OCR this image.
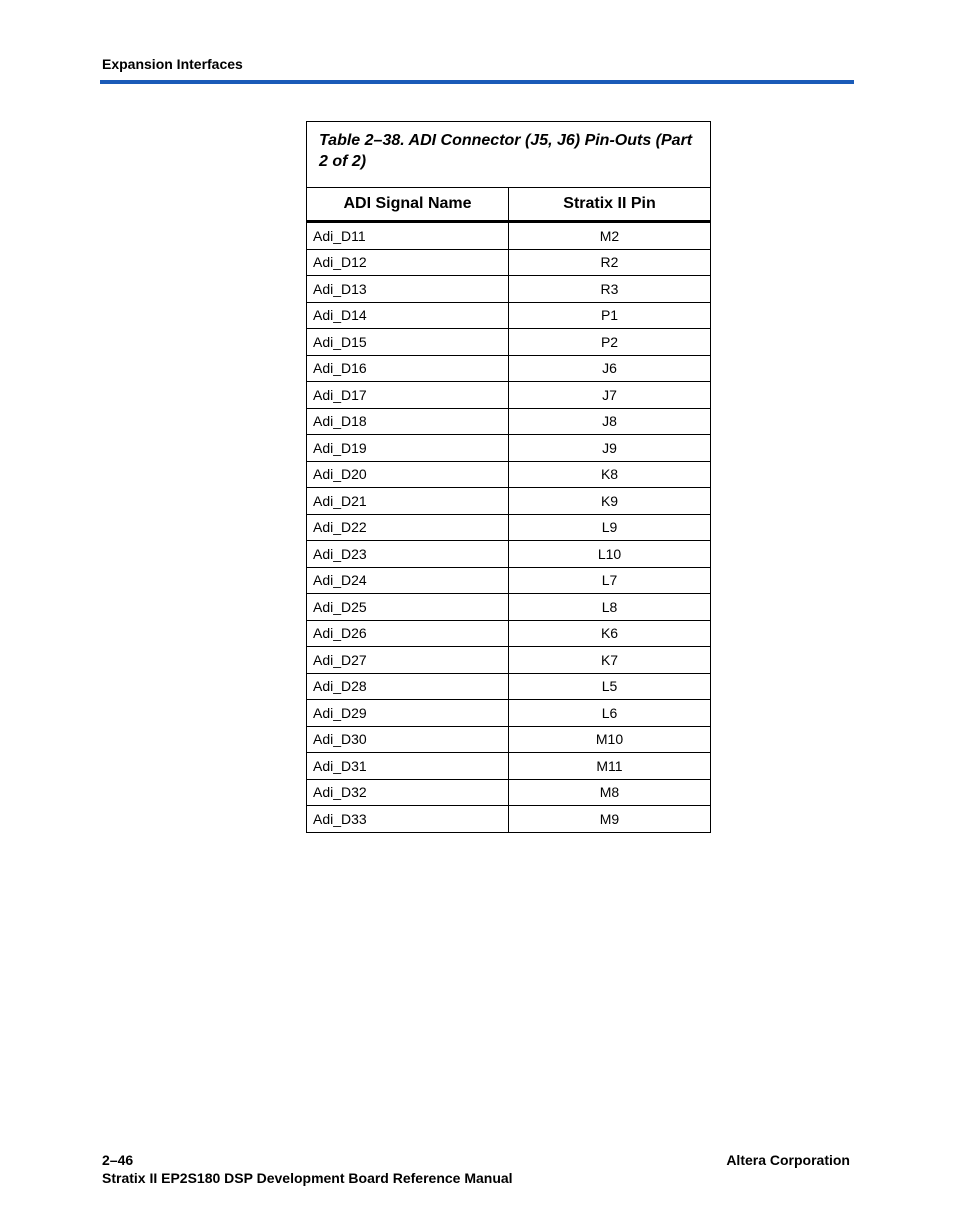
Expansion Interfaces
Table 2–38. ADI Connector (J5, J6) Pin-Outs (Part 2 of 2)	
ADI Signal Name	Stratix II Pin
Adi_D11	M2
Adi_D12	R2
Adi_D13	R3
Adi_D14	P1
Adi_D15	P2
Adi_D16	J6
Adi_D17	J7
Adi_D18	J8
Adi_D19	J9
Adi_D20	K8
Adi_D21	K9
Adi_D22	L9
Adi_D23	L10
Adi_D24	L7
Adi_D25	L8
Adi_D26	K6
Adi_D27	K7
Adi_D28	L5
Adi_D29	L6
Adi_D30	M10
Adi_D31	M11
Adi_D32	M8
Adi_D33	M9
2–46
Stratix II EP2S180 DSP Development Board Reference Manual
Altera Corporation
